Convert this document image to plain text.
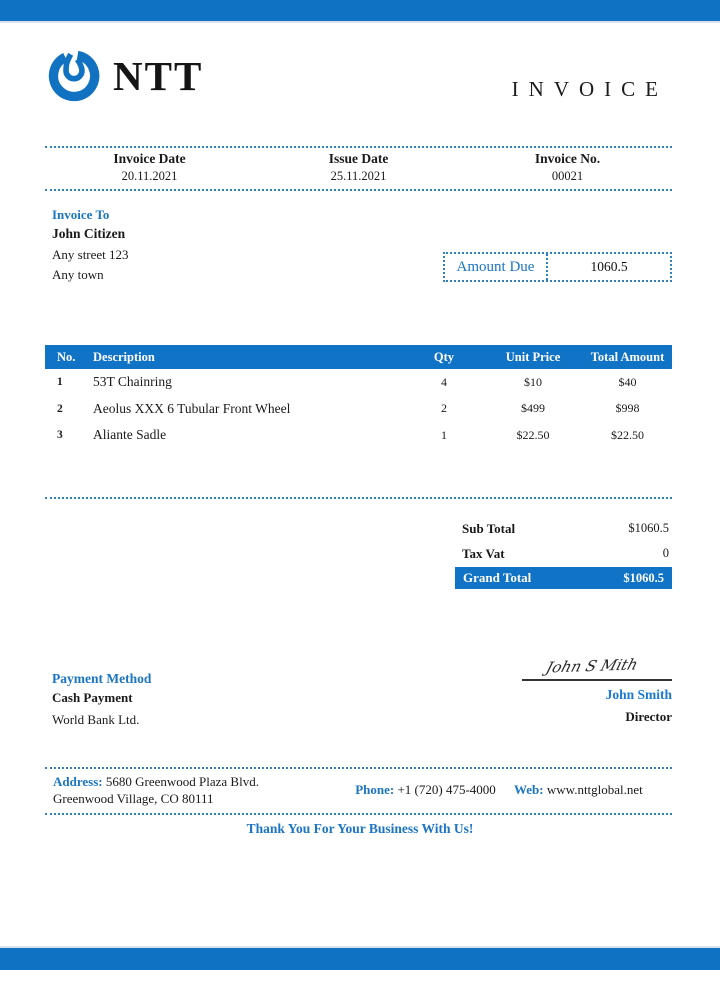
NTT	INVOICE
Invoice Date
20.11.2021
Issue Date
25.11.2021
Invoice No.
00021
Invoice To
John Citizen
Any street 123
Any town	Amount Due	1060.5
No.	Description	Qty	Unit Price	Total Amount
1	53T Chainring	4	$10	$40
2	Aeolus XXX 6 Tubular Front Wheel	2	$499	$998
3	Aliante Sadle	1	$22.50	$22.50
Sub Total	$1060.5
Tax Vat	0
Grand Total	$1060.5
Payment Method
Cash Payment
World Bank Ltd.
John S Mith
John Smith
Director
Address: 5680 Greenwood Plaza Blvd.
Greenwood Village, CO 80111
Phone: +1 (720) 475-4000	Web: www.nttglobal.net
Thank You For Your Business With Us!
